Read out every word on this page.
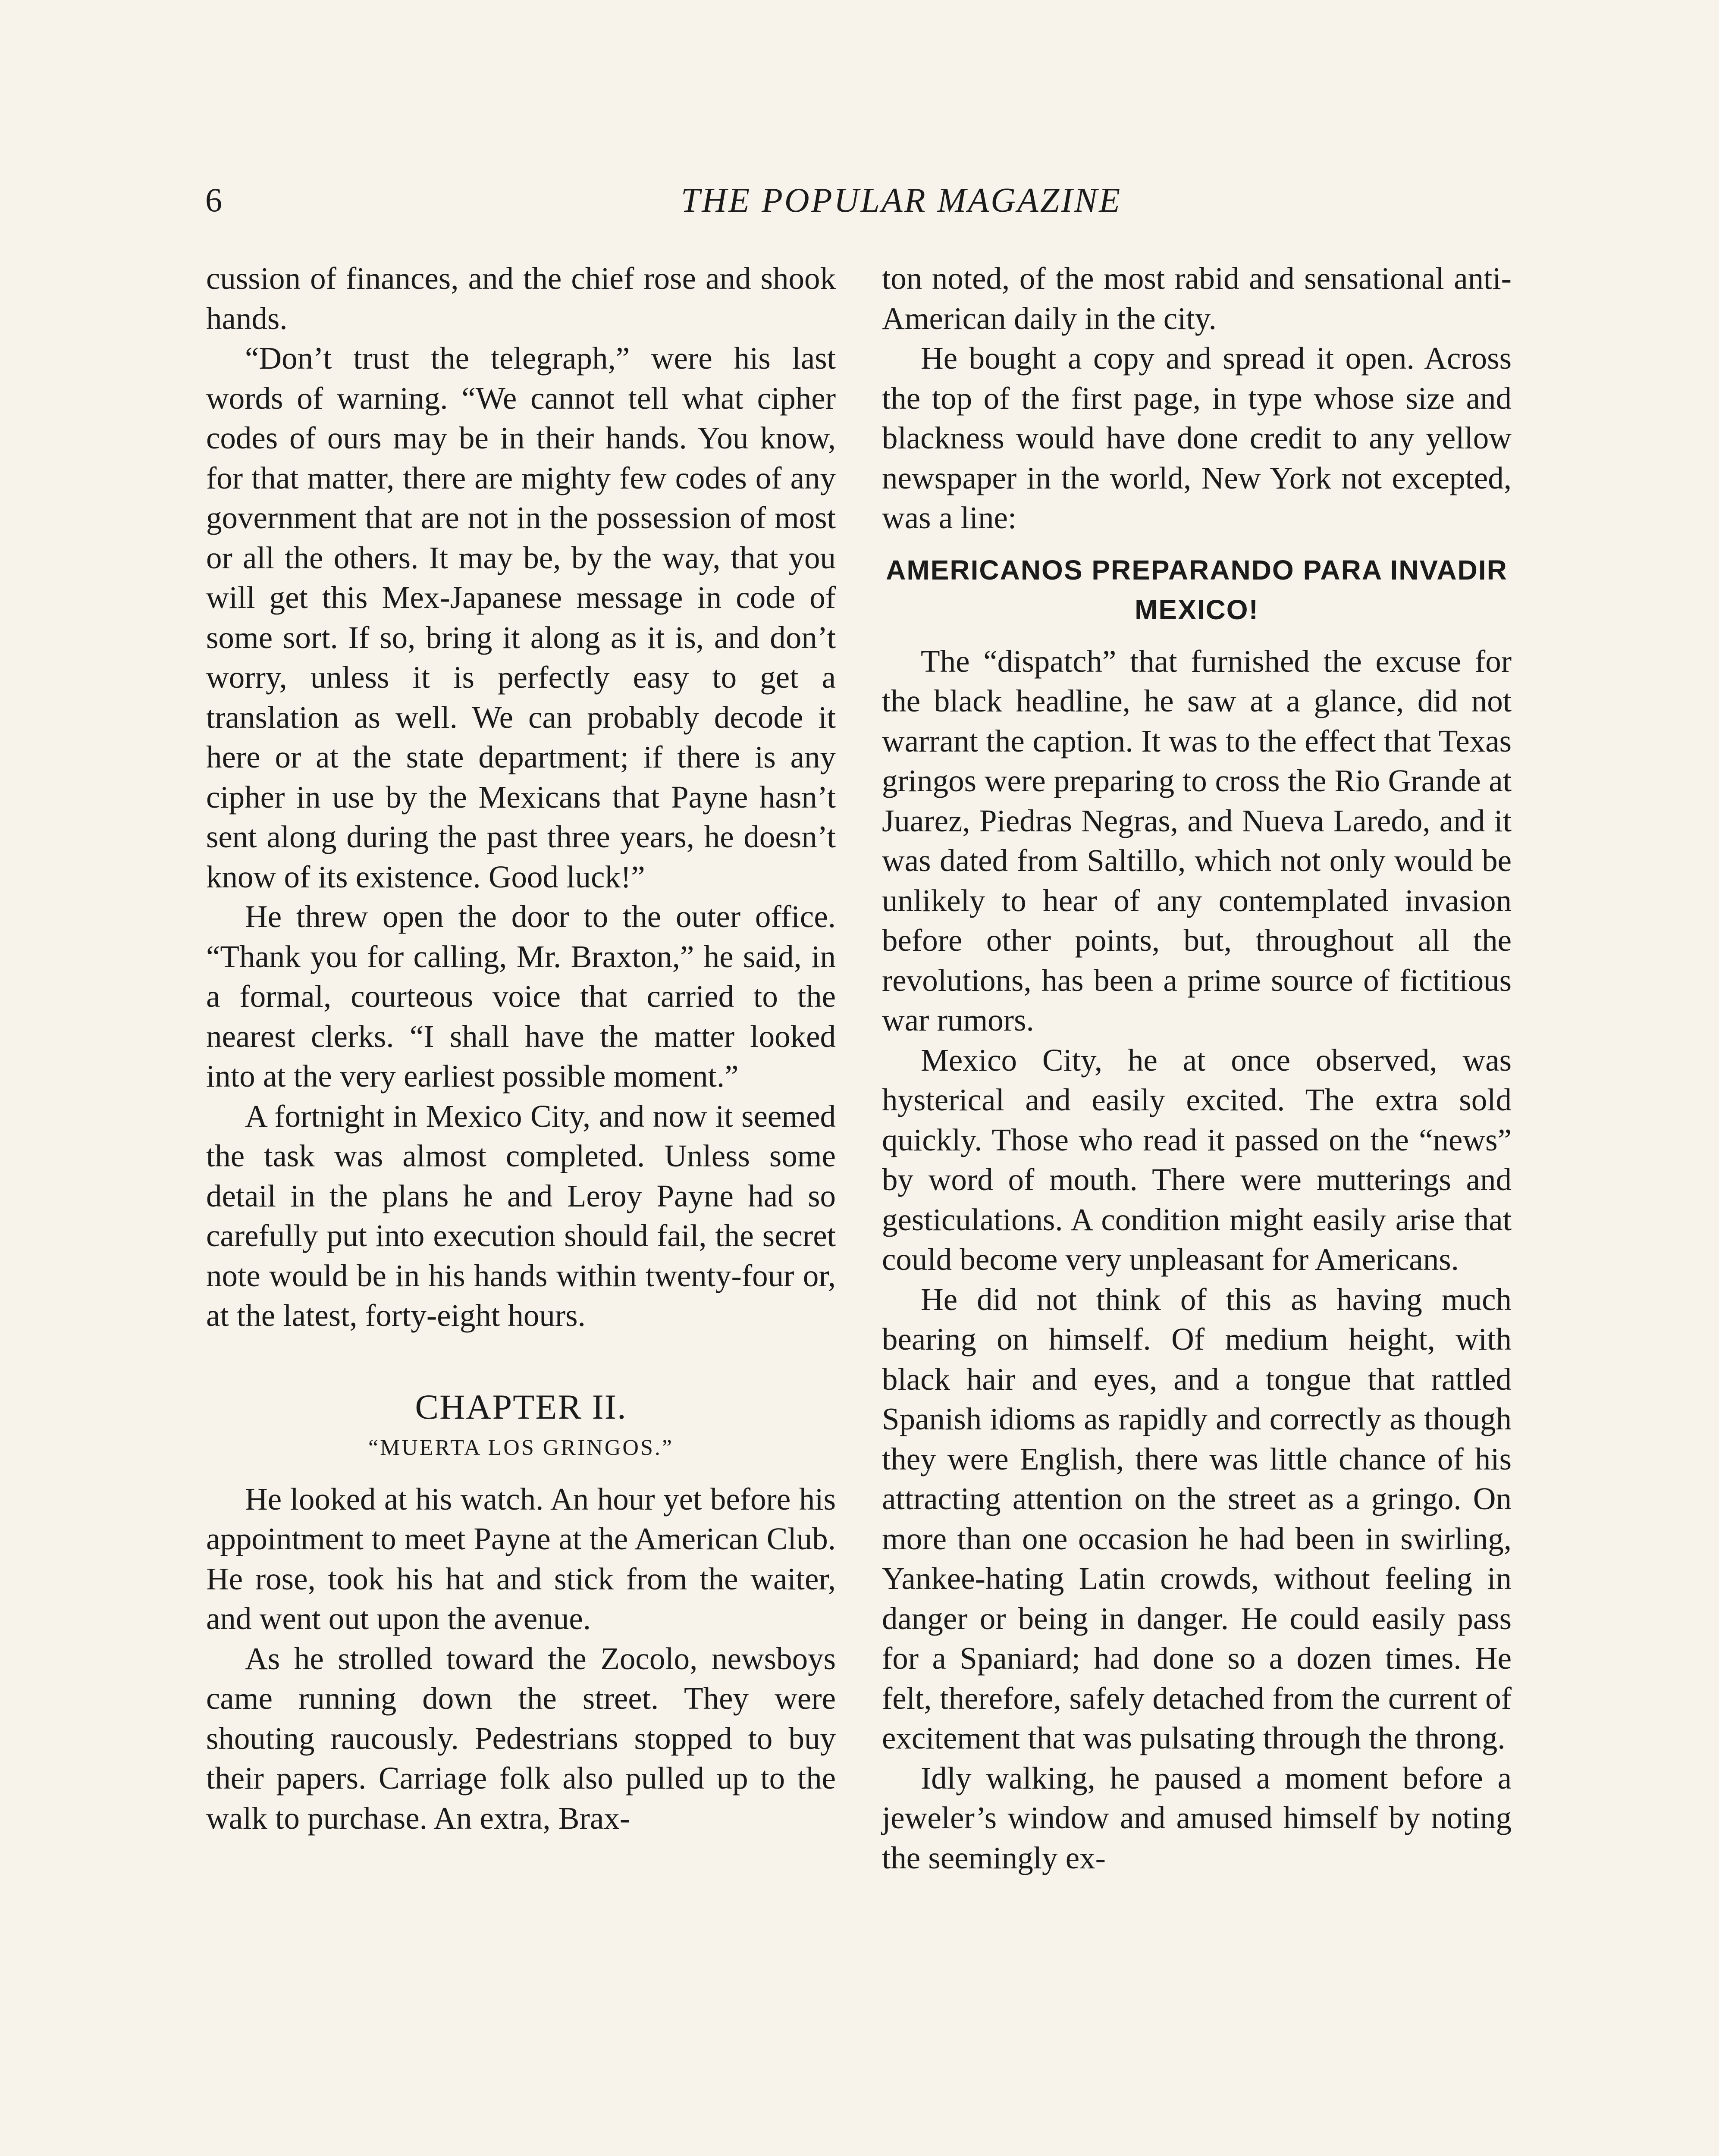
6	THE POPULAR MAGAZINE

cussion of finances, and the chief rose and shook hands.

“Don’t trust the telegraph,” were his last words of warning. “We cannot tell what cipher codes of ours may be in their hands. You know, for that matter, there are mighty few codes of any government that are not in the possession of most or all the others. It may be, by the way, that you will get this Mex-Japanese message in code of some sort. If so, bring it along as it is, and don’t worry, unless it is perfectly easy to get a translation as well. We can probably decode it here or at the state department; if there is any cipher in use by the Mexicans that Payne hasn’t sent along during the past three years, he doesn’t know of its existence. Good luck!”

He threw open the door to the outer office. “Thank you for calling, Mr. Braxton,” he said, in a formal, courteous voice that carried to the nearest clerks. “I shall have the matter looked into at the very earliest possible moment.”

A fortnight in Mexico City, and now it seemed the task was almost completed. Unless some detail in the plans he and Leroy Payne had so carefully put into execution should fail, the secret note would be in his hands within twenty-four or, at the latest, forty-eight hours.

CHAPTER II.

“MUERTA LOS GRINGOS.”

He looked at his watch. An hour yet before his appointment to meet Payne at the American Club. He rose, took his hat and stick from the waiter, and went out upon the avenue.

As he strolled toward the Zocolo, newsboys came running down the street. They were shouting raucously. Pedestrians stopped to buy their papers. Carriage folk also pulled up to the walk to purchase. An extra, Brax-

ton noted, of the most rabid and sensational anti-American daily in the city.

He bought a copy and spread it open. Across the top of the first page, in type whose size and blackness would have done credit to any yellow newspaper in the world, New York not excepted, was a line:

AMERICANOS PREPARANDO PARA INVADIR MEXICO!

The “dispatch” that furnished the excuse for the black headline, he saw at a glance, did not warrant the caption. It was to the effect that Texas gringos were preparing to cross the Rio Grande at Juarez, Piedras Negras, and Nueva Laredo, and it was dated from Saltillo, which not only would be unlikely to hear of any contemplated invasion before other points, but, throughout all the revolutions, has been a prime source of fictitious war rumors.

Mexico City, he at once observed, was hysterical and easily excited. The extra sold quickly. Those who read it passed on the “news” by word of mouth. There were mutterings and gesticulations. A condition might easily arise that could become very unpleasant for Americans.

He did not think of this as having much bearing on himself. Of medium height, with black hair and eyes, and a tongue that rattled Spanish idioms as rapidly and correctly as though they were English, there was little chance of his attracting attention on the street as a gringo. On more than one occasion he had been in swirling, Yankee-hating Latin crowds, without feeling in danger or being in danger. He could easily pass for a Spaniard; had done so a dozen times. He felt, therefore, safely detached from the current of excitement that was pulsating through the throng.

Idly walking, he paused a moment before a jeweler’s window and amused himself by noting the seemingly ex-
